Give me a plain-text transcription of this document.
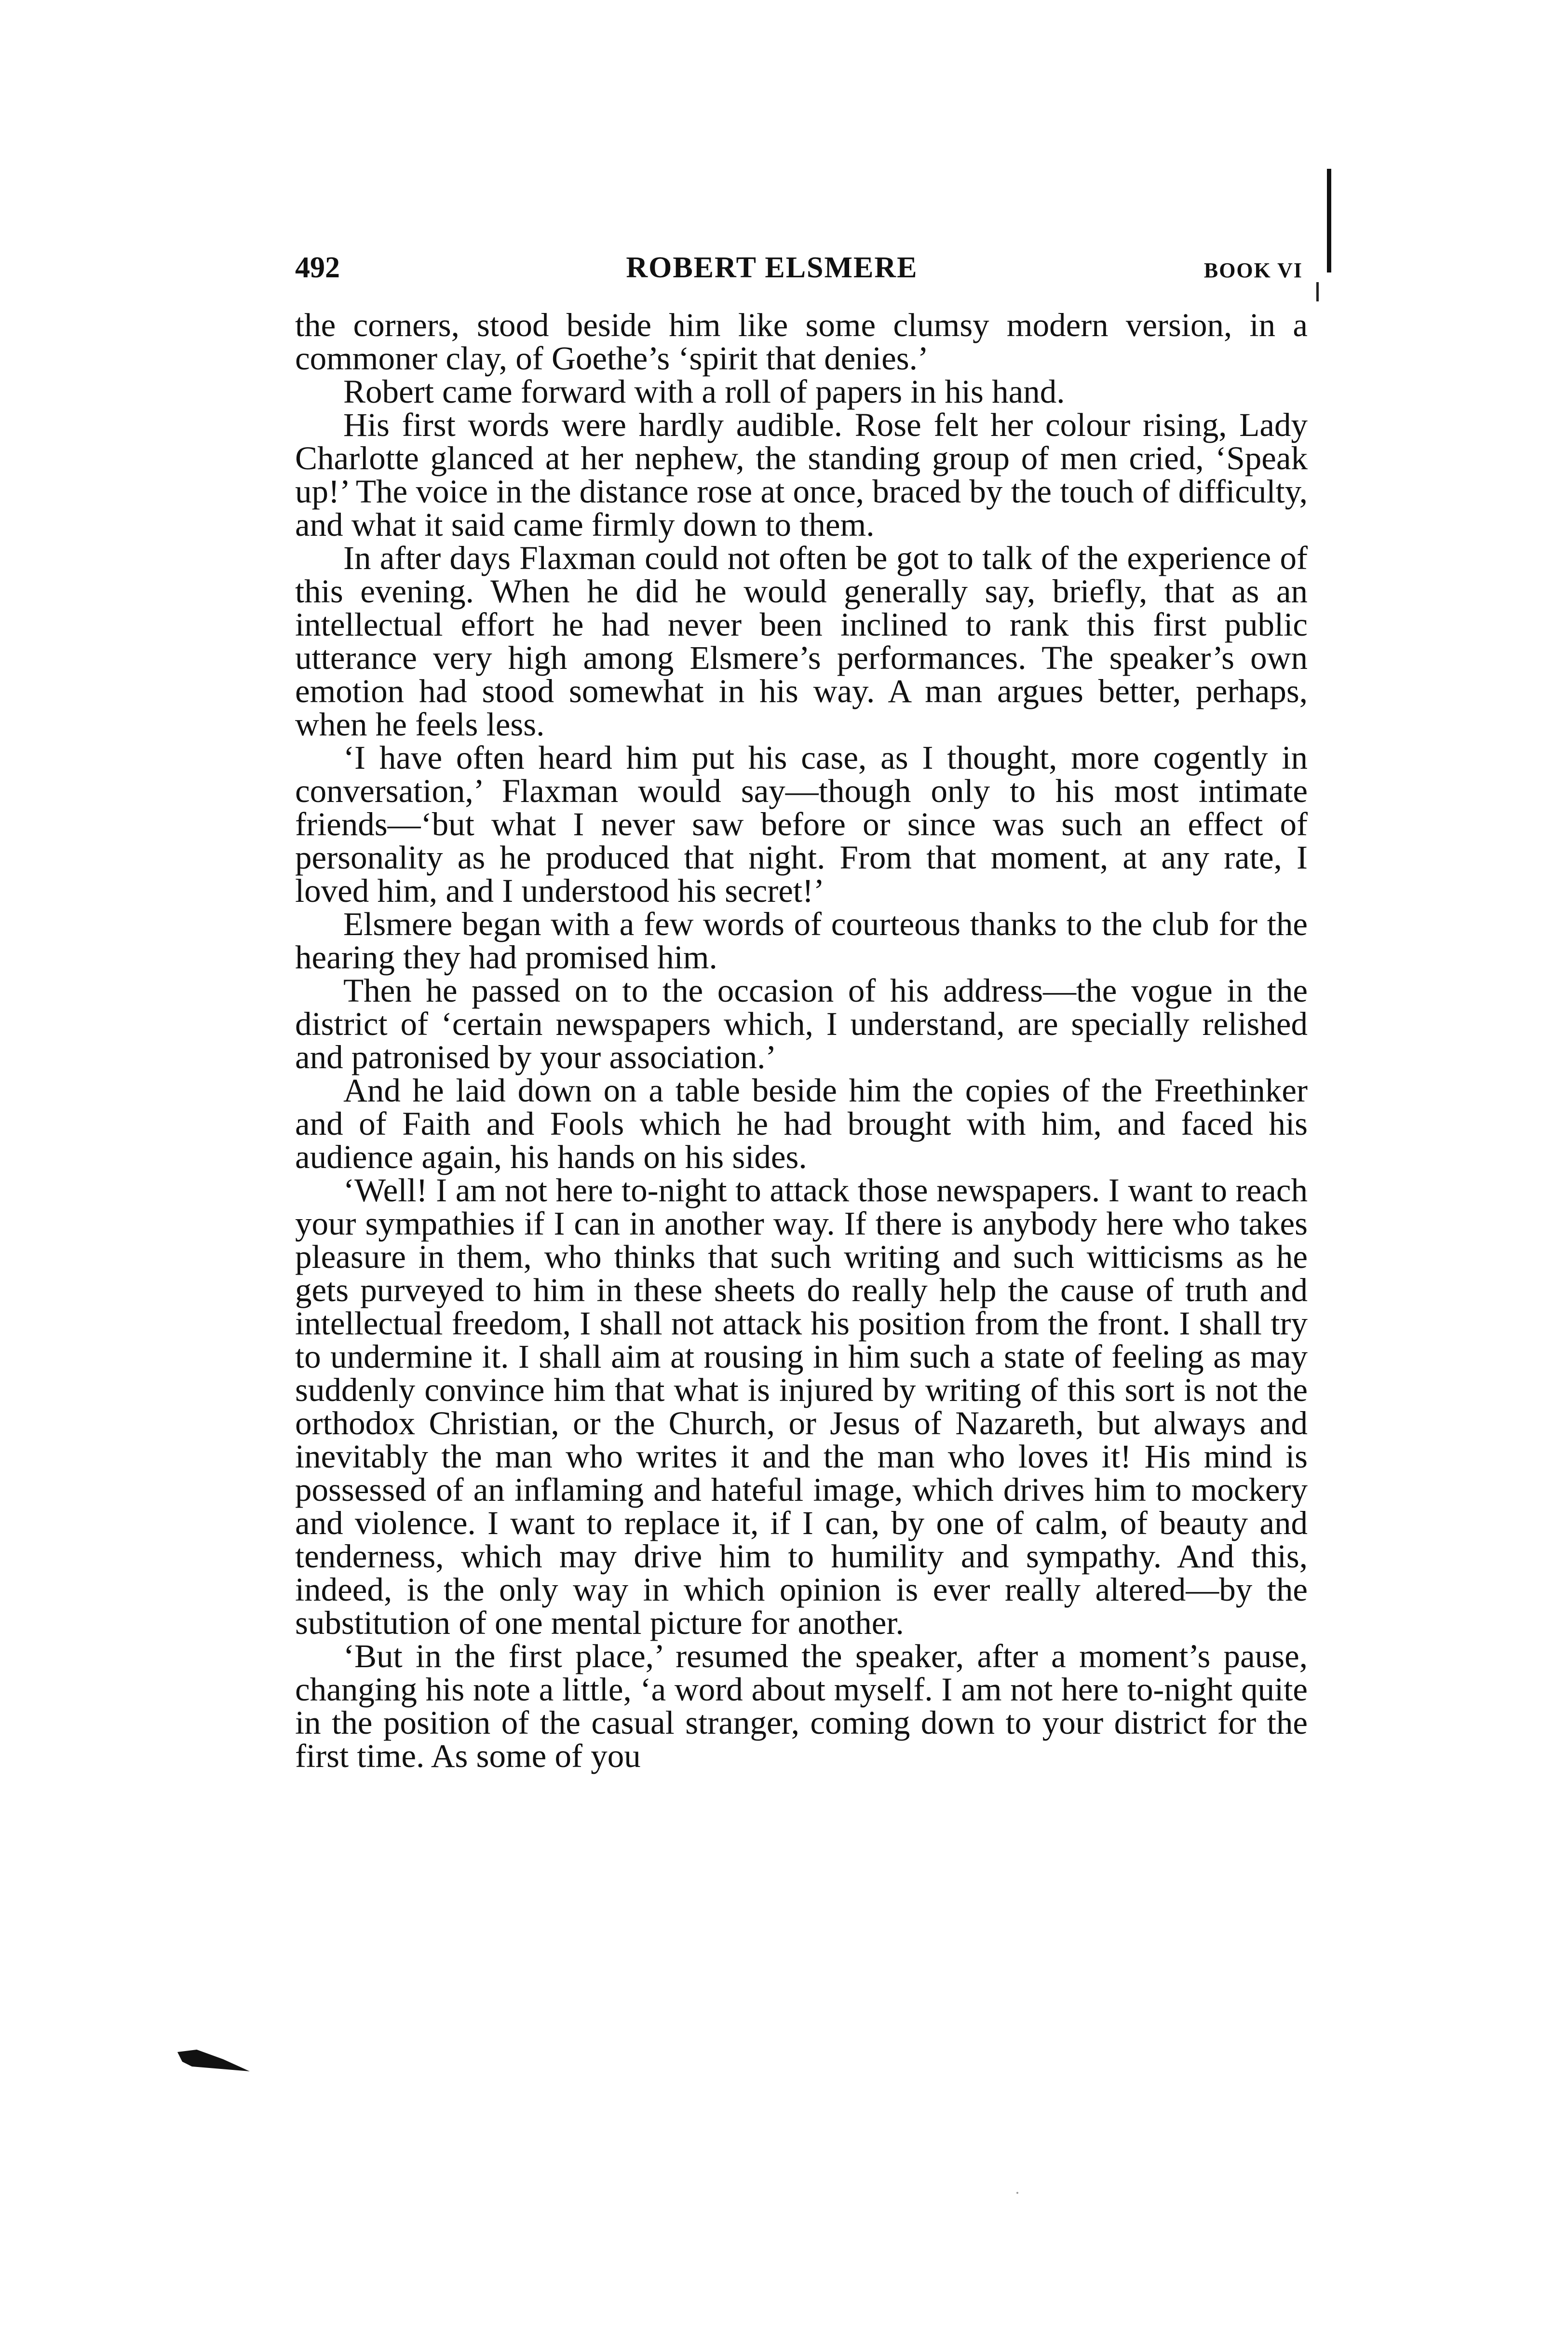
492	ROBERT ELSMERE	BOOK VI

the corners, stood beside him like some clumsy modern version, in a commoner clay, of Goethe’s ‘spirit that denies.’

Robert came forward with a roll of papers in his hand.

His first words were hardly audible. Rose felt her colour rising, Lady Charlotte glanced at her nephew, the standing group of men cried, ‘Speak up!’ The voice in the distance rose at once, braced by the touch of difficulty, and what it said came firmly down to them.

In after days Flaxman could not often be got to talk of the experience of this evening. When he did he would generally say, briefly, that as an intellectual effort he had never been inclined to rank this first public utterance very high among Elsmere’s performances. The speaker’s own emotion had stood somewhat in his way. A man argues better, perhaps, when he feels less.

‘I have often heard him put his case, as I thought, more cogently in conversation,’ Flaxman would say—though only to his most intimate friends—‘but what I never saw before or since was such an effect of personality as he produced that night. From that moment, at any rate, I loved him, and I understood his secret!’

Elsmere began with a few words of courteous thanks to the club for the hearing they had promised him.

Then he passed on to the occasion of his address—the vogue in the district of ‘certain newspapers which, I understand, are specially relished and patronised by your association.’

And he laid down on a table beside him the copies of the Freethinker and of Faith and Fools which he had brought with him, and faced his audience again, his hands on his sides.

‘Well! I am not here to-night to attack those newspapers. I want to reach your sympathies if I can in another way. If there is anybody here who takes pleasure in them, who thinks that such writing and such witticisms as he gets purveyed to him in these sheets do really help the cause of truth and intellectual freedom, I shall not attack his position from the front. I shall try to undermine it. I shall aim at rousing in him such a state of feeling as may suddenly convince him that what is injured by writing of this sort is not the orthodox Christian, or the Church, or Jesus of Nazareth, but always and inevitably the man who writes it and the man who loves it! His mind is possessed of an inflaming and hateful image, which drives him to mockery and violence. I want to replace it, if I can, by one of calm, of beauty and tenderness, which may drive him to humility and sympathy. And this, indeed, is the only way in which opinion is ever really altered—by the substitution of one mental picture for another.

‘But in the first place,’ resumed the speaker, after a moment’s pause, changing his note a little, ‘a word about myself. I am not here to-night quite in the position of the casual stranger, coming down to your district for the first time. As some of you
